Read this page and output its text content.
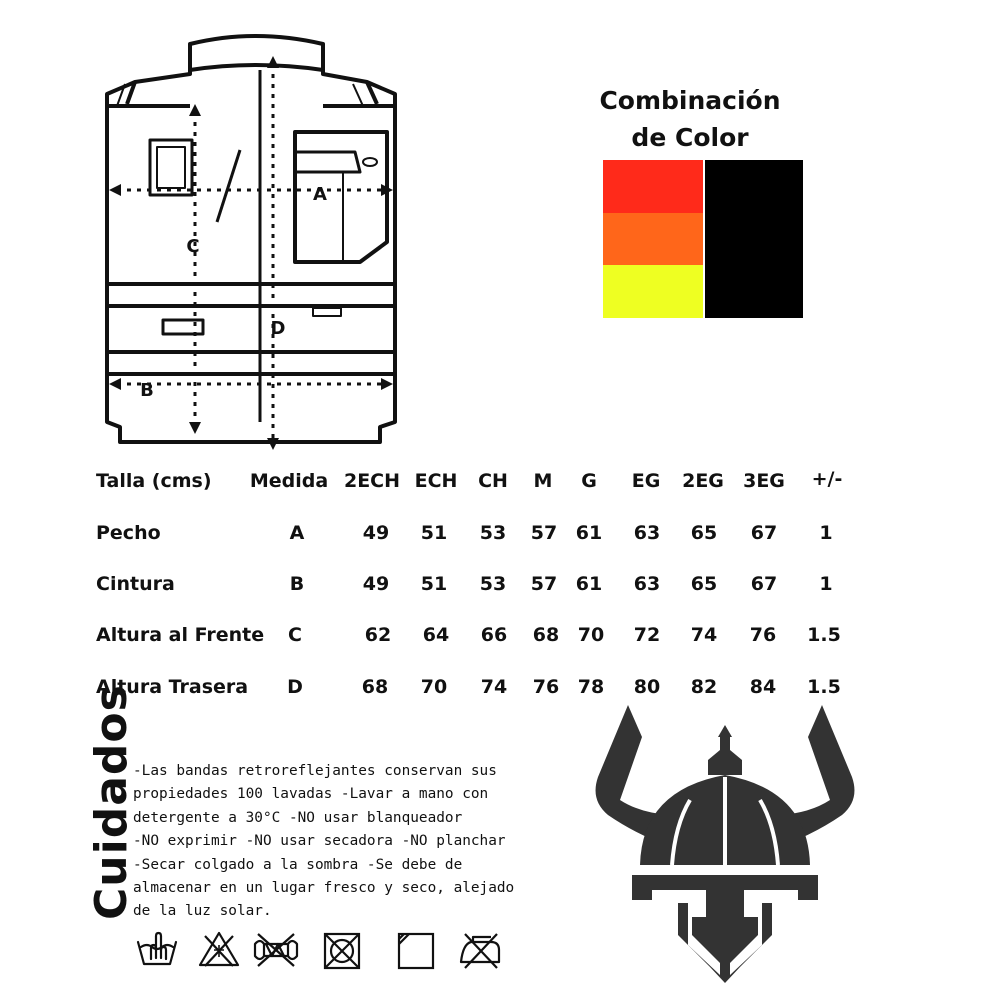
A
B
C
D
Combinación
de Color
Talla (cms) Medida 2ECH ECH CH M G EG 2EG 3EG +/-
Pecho	A	49 51 53 57 61 63 65 67 1
Cintura	B	49 51 53 57 61 63 65 67 1
Altura al Frente C	62 64 66 68 70 72 74 76 1.5
Altura Trasera D	68 70 74 76 78 80 82 84 1.5
Cuidados
-Las bandas retroreflejantes conservan sus
propiedades 100 lavadas -Lavar a mano con
detergente a 30°C -NO usar blanqueador
-NO exprimir -NO usar secadora -NO planchar
-Secar colgado a la sombra -Se debe de
almacenar en un lugar fresco y seco, alejado
de la luz solar.
